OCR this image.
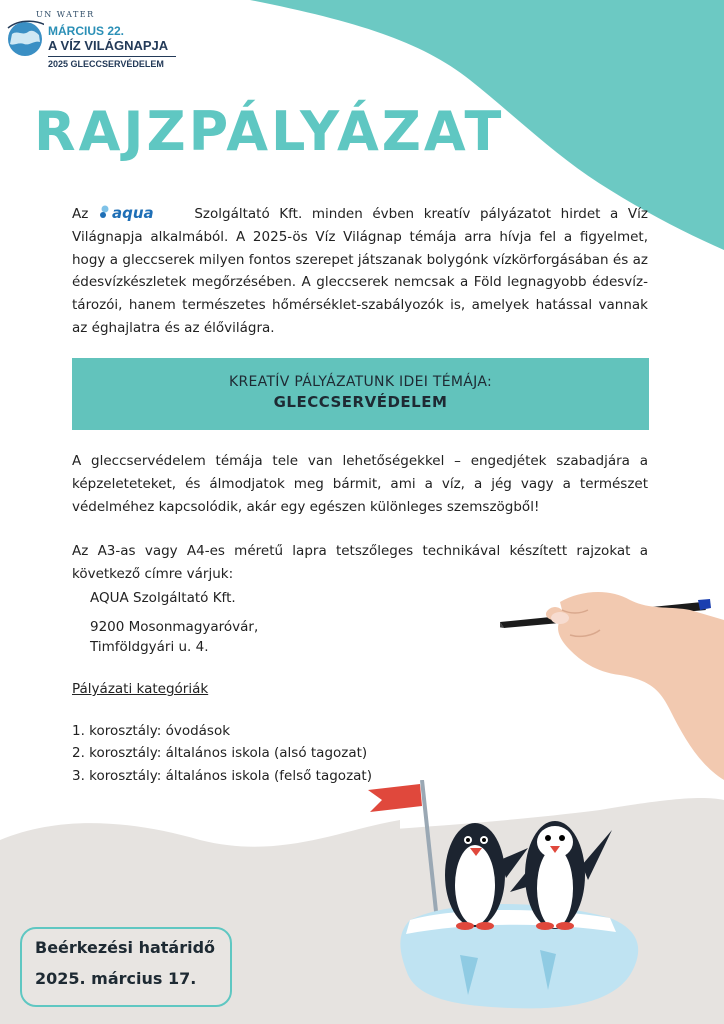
UN WATER
MÁRCIUS 22.
A VÍZ VILÁGNAPJA
2025 GLECCSERVÉDELEM
RAJZPÁLYÁZAT
Az aqua	Szolgáltató Kft. minden évben kreatív pályázatot hirdet a Víz Világnapja alkalmából. A 2025-ös Víz Világnap témája arra hívja fel a figyelmet, hogy a gleccserek milyen fontos szerepet játszanak bolygónk vízkörforgásában és az édesvízkészletek megőrzésében. A gleccserek nemcsak a Föld legnagyobb édesvíz-tározói, hanem természetes hőmérséklet-szabályozók is, amelyek hatással vannak az éghajlatra és az élővilágra.
KREATÍV PÁLYÁZATUNK IDEI TÉMÁJA:
GLECCSERVÉDELEM
A gleccservédelem témája tele van lehetőségekkel – engedjétek szabadjára a képzeleteteket, és álmodjatok meg bármit, ami a víz, a jég vagy a természet védelméhez kapcsolódik, akár egy egészen különleges szemszögből!
Az A3-as vagy A4-es méretű lapra tetszőleges technikával készített rajzokat a következő címre várjuk:
AQUA Szolgáltató Kft.
9200 Mosonmagyaróvár,
Timföldgyári u. 4.
Pályázati kategóriák
1. korosztály: óvodások
2. korosztály: általános iskola (alsó tagozat)
3. korosztály: általános iskola (felső tagozat)
Beérkezési határidő
2025. március 17.
